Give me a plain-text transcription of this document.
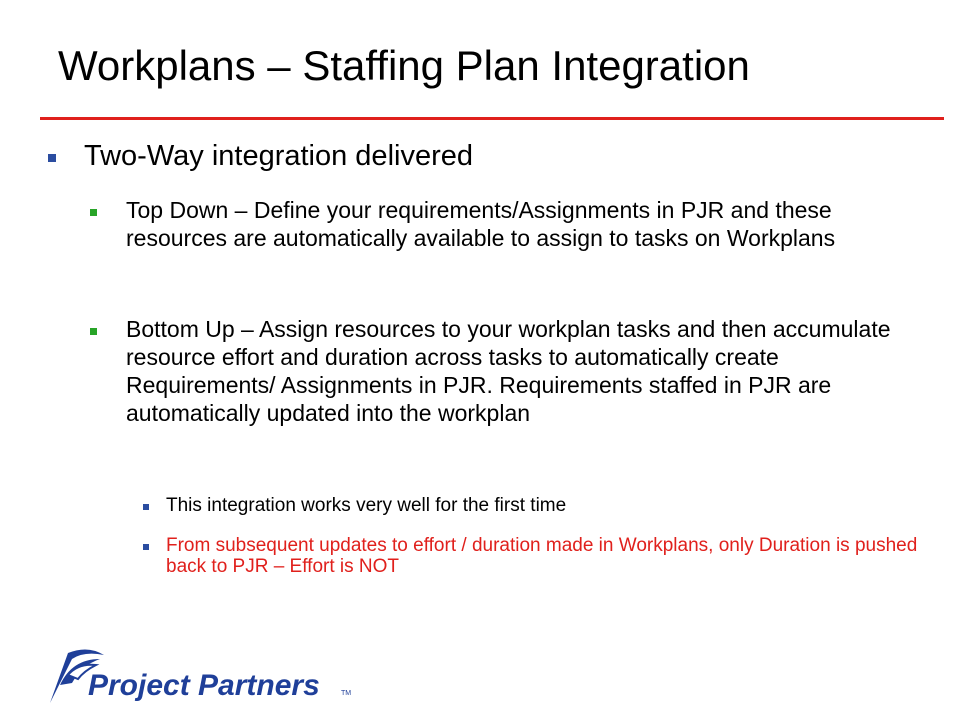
Workplans – Staffing Plan Integration
Two-Way integration delivered
Top Down – Define your requirements/Assignments in PJR and these resources are automatically available to assign to tasks on Workplans
Bottom Up – Assign resources to your workplan tasks and then accumulate resource effort and duration across tasks to automatically create Requirements/ Assignments in PJR. Requirements staffed in PJR are automatically updated into the workplan
This integration works very well for the first time
From subsequent updates to effort / duration made in Workplans, only Duration is pushed back to PJR – Effort is NOT
Project Partners	TM
